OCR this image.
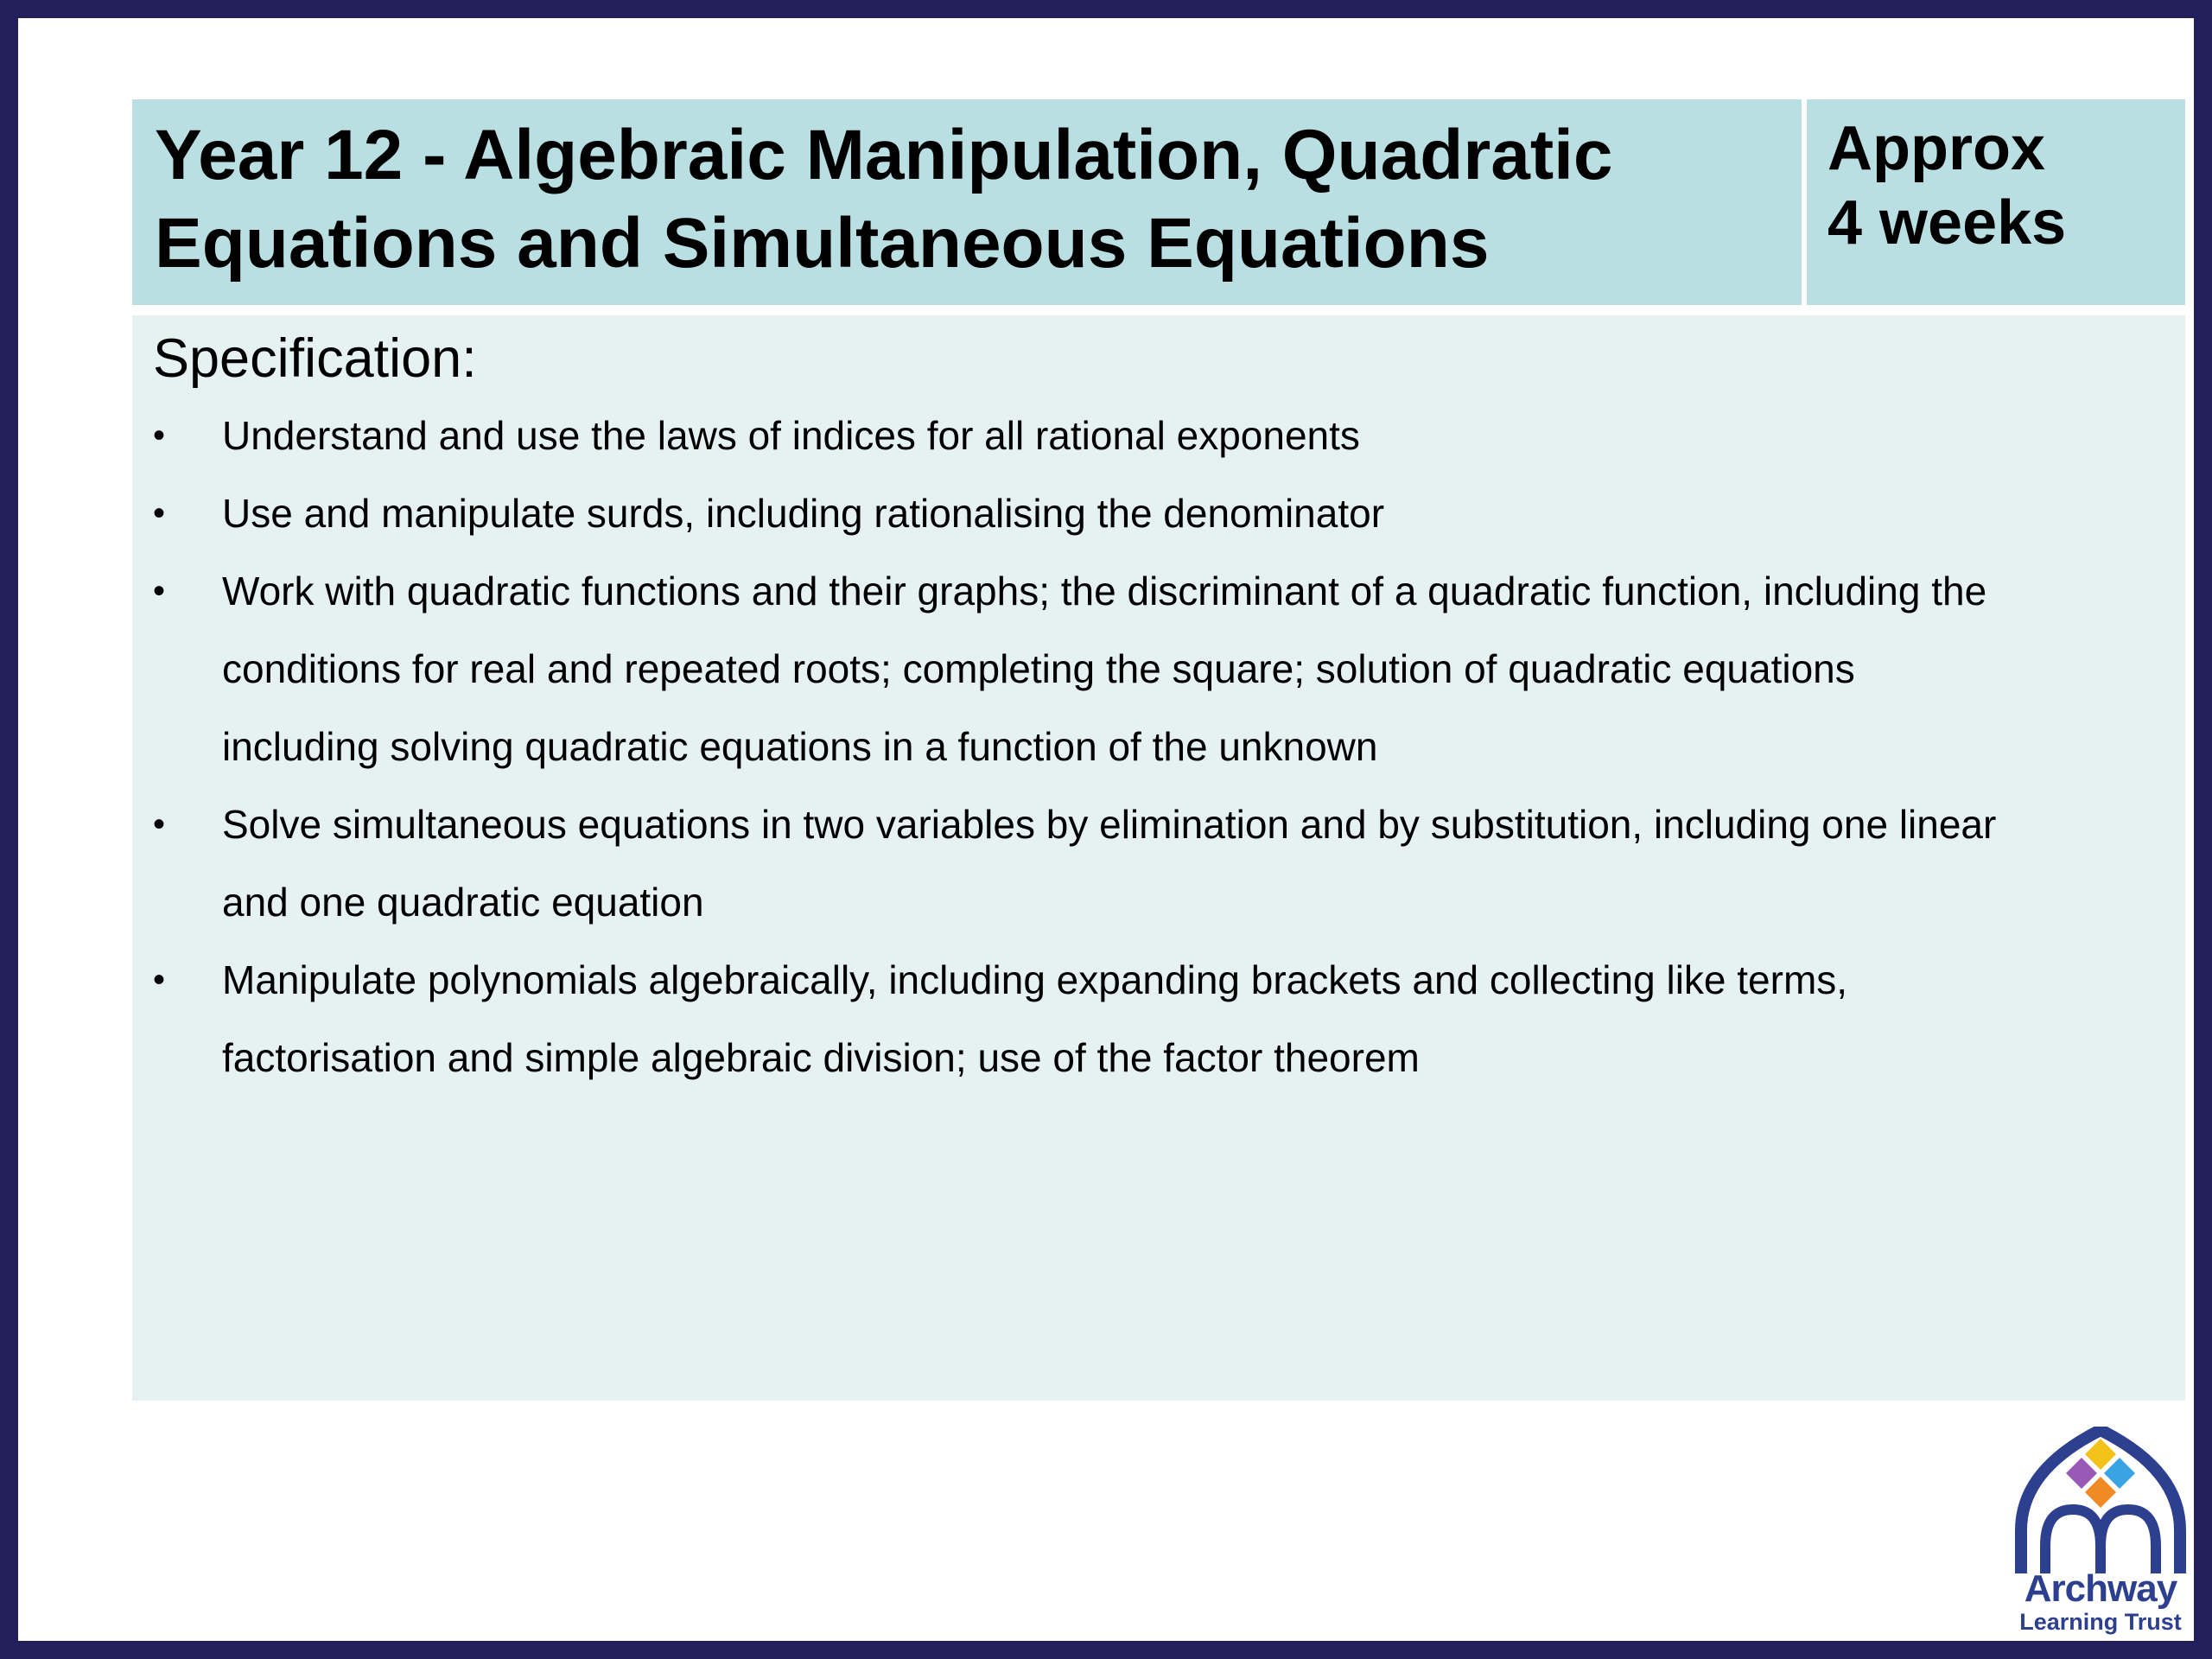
Year 12 - Algebraic Manipulation, Quadratic
Equations and Simultaneous Equations

Approx
4 weeks

Specification:

• Understand and use the laws of indices for all rational exponents
• Use and manipulate surds, including rationalising the denominator
• Work with quadratic functions and their graphs; the discriminant of a quadratic function, including the
conditions for real and repeated roots; completing the square; solution of quadratic equations
including solving quadratic equations in a function of the unknown
• Solve simultaneous equations in two variables by elimination and by substitution, including one linear
and one quadratic equation
• Manipulate polynomials algebraically, including expanding brackets and collecting like terms,
factorisation and simple algebraic division; use of the factor theorem
Archway
Learning Trust
